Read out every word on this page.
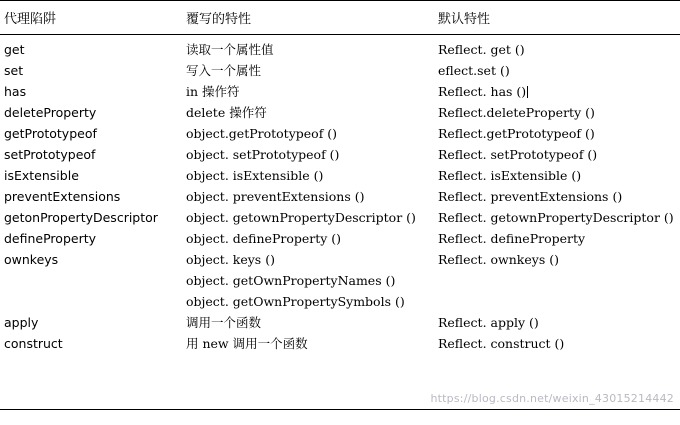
代理陷阱	覆写的特性	默认特性
get	读取一个属性值	Reflect. get ()
set	写入一个属性	eflect.set ()
has	in 操作符	Reflect. has ()
deleteProperty	delete 操作符	Reflect.deleteProperty ()
getPrototypeof	object.getPrototypeof ()	Reflect.getPrototypeof ()
setPrototypeof	object. setPrototypeof ()	Reflect. setPrototypeof ()
isExtensible	object. isExtensible ()	Reflect. isExtensible ()
preventExtensions	object. preventExtensions ()	Reflect. preventExtensions ()
getonPropertyDescriptor	object. getownPropertyDescriptor ()	Reflect. getownPropertyDescriptor ()
defineProperty	object. defineProperty ()	Reflect. defineProperty
ownkeys	object. keys ()	Reflect. ownkeys ()
	object. getOwnPropertyNames ()	
	object. getOwnPropertySymbols ()	
apply	调用一个函数	Reflect. apply ()
construct	用 new 调用一个函数	Reflect. construct ()
https://blog.csdn.net/weixin_43015214442
